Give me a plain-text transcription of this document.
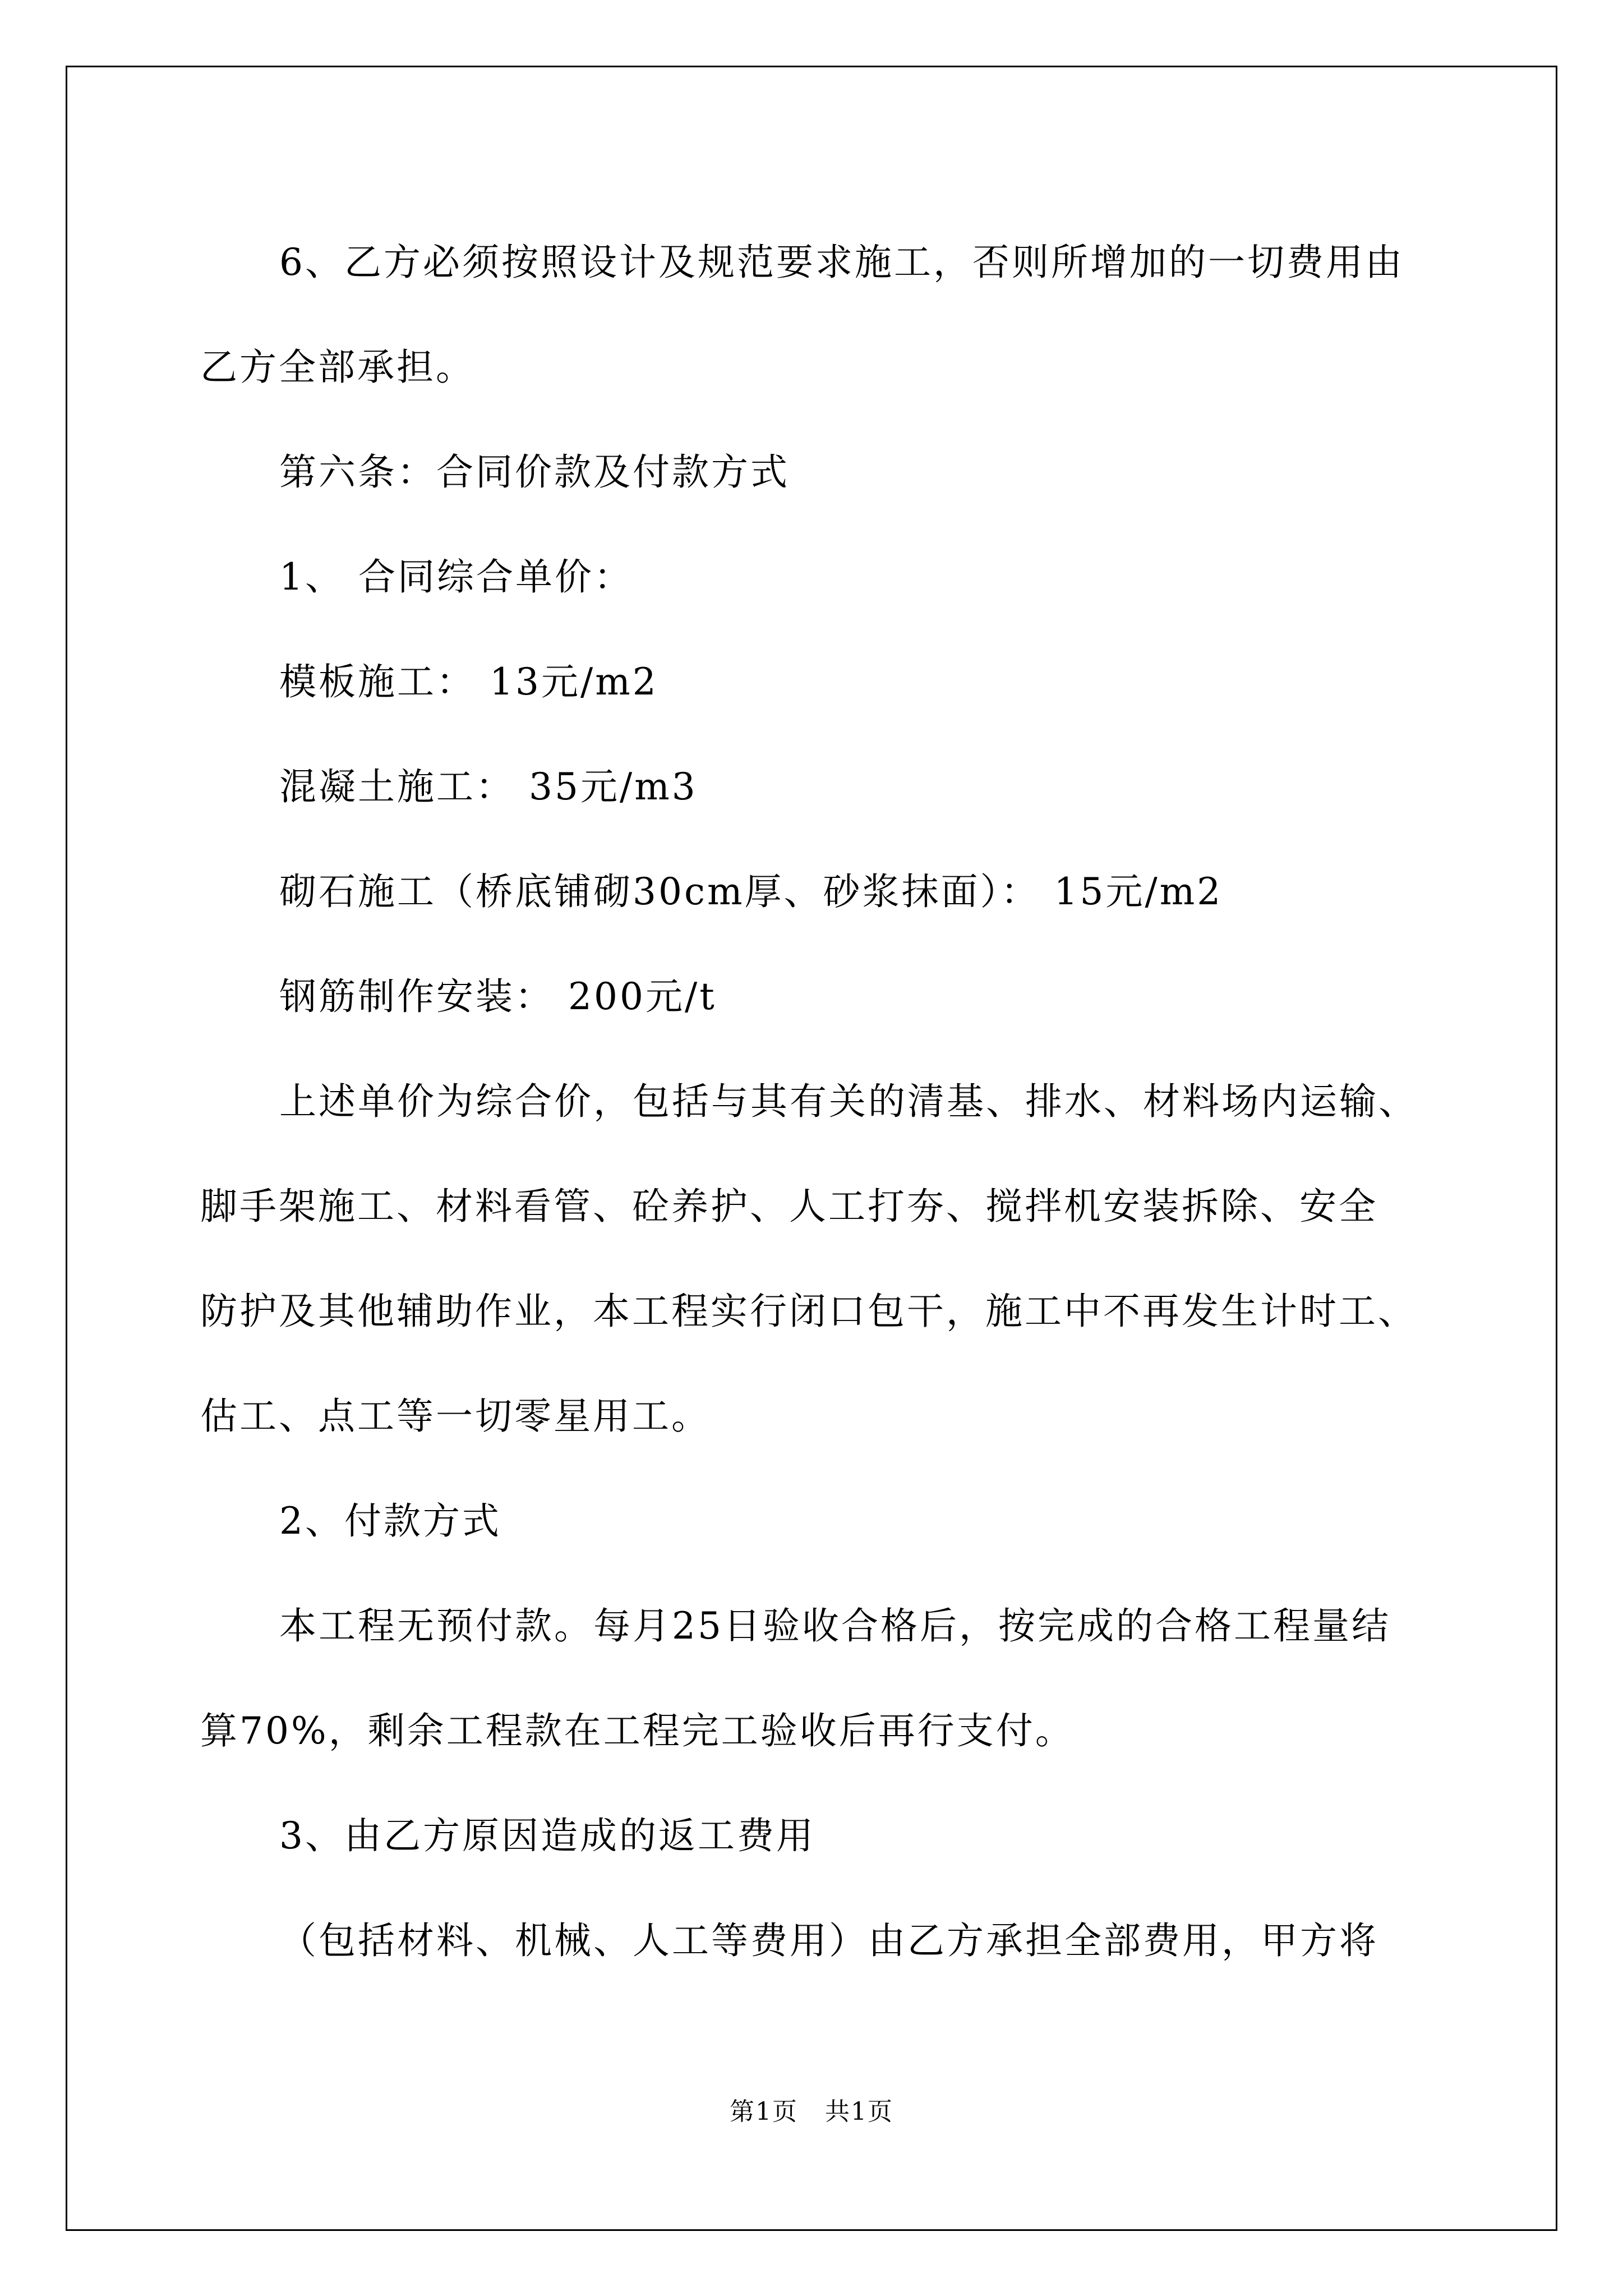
6、乙方必须按照设计及规范要求施工，否则所增加的一切费用由

乙方全部承担。

第六条：合同价款及付款方式

1、 合同综合单价：

模板施工： 13元/m2

混凝土施工： 35元/m3

砌石施工（桥底铺砌30cm厚、砂浆抹面）： 15元/m2

钢筋制作安装： 200元/t

上述单价为综合价，包括与其有关的清基、排水、材料场内运输、

脚手架施工、材料看管、砼养护、人工打夯、搅拌机安装拆除、安全

防护及其他辅助作业，本工程实行闭口包干，施工中不再发生计时工、

估工、点工等一切零星用工。

2、付款方式

本工程无预付款。每月25日验收合格后，按完成的合格工程量结

算70%，剩余工程款在工程完工验收后再行支付。

3、由乙方原因造成的返工费用

（包括材料、机械、人工等费用）由乙方承担全部费用，甲方将

第1页 共1页
